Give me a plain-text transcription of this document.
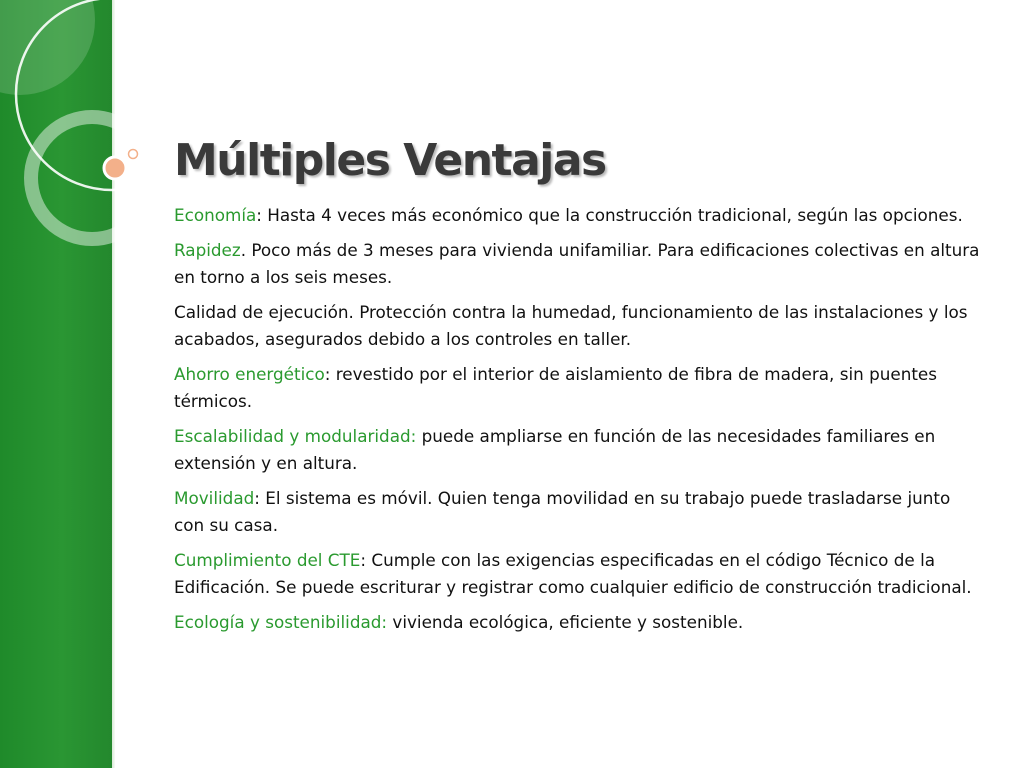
Múltiples Ventajas
Economía: Hasta 4 veces más económico que la construcción tradicional, según las opciones.
Rapidez. Poco más de 3 meses para vivienda unifamiliar. Para edificaciones colectivas en altura en torno a los seis meses.
Calidad de ejecución. Protección contra la humedad, funcionamiento de las instalaciones y los acabados, asegurados debido a los controles en taller.
Ahorro energético: revestido por el interior de aislamiento de fibra de madera, sin puentes térmicos.
Escalabilidad y modularidad: puede ampliarse en función de las necesidades familiares en extensión y en altura.
Movilidad: El sistema es móvil. Quien tenga movilidad en su trabajo puede trasladarse junto con su casa.
Cumplimiento del CTE: Cumple con las exigencias especificadas en el código Técnico de la Edificación. Se puede escriturar y registrar como cualquier edificio de construcción tradicional.
Ecología y sostenibilidad: vivienda ecológica, eficiente y sostenible.
